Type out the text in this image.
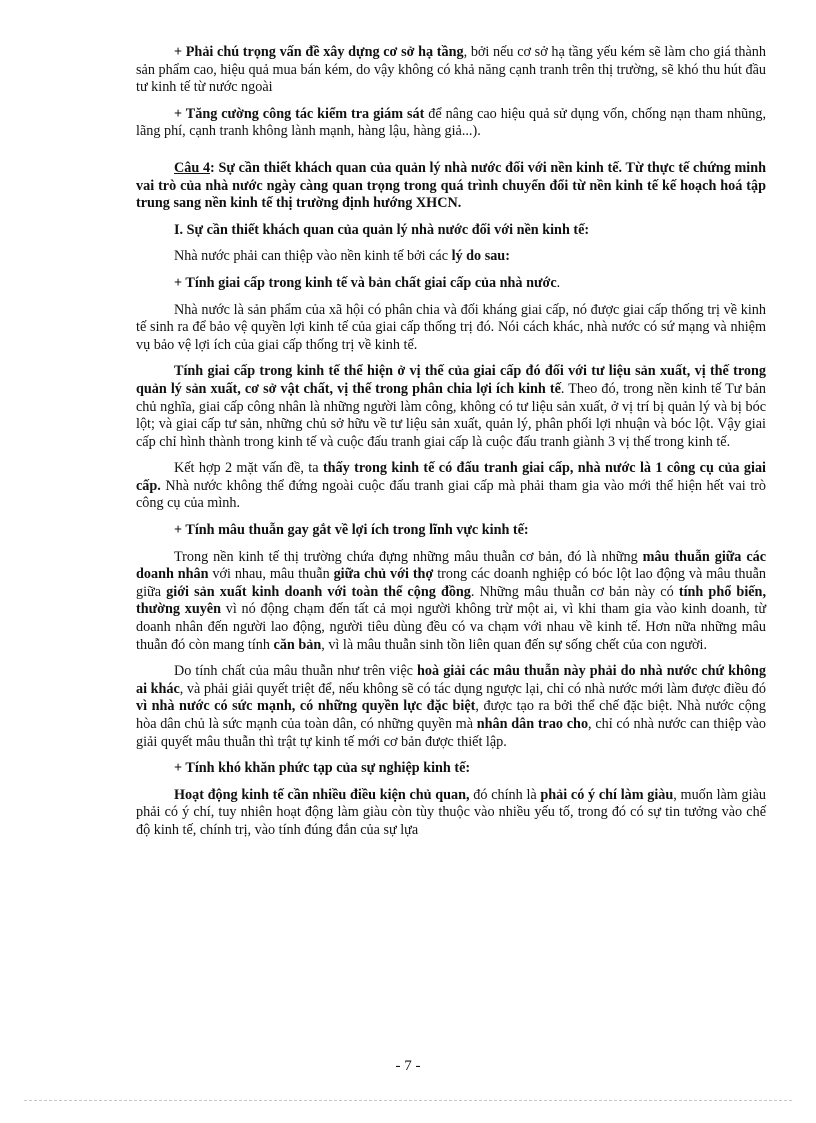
+ Phải chú trọng vấn đề xây dựng cơ sở hạ tầng, bởi nếu cơ sở hạ tầng yếu kém sẽ làm cho giá thành sản phẩm cao, hiệu quả mua bán kém, do vậy không có khả năng cạnh tranh trên thị trường, sẽ khó thu hút đầu tư kinh tế từ nước ngoài

+ Tăng cường công tác kiểm tra giám sát để nâng cao hiệu quả sử dụng vốn, chống nạn tham nhũng, lãng phí, cạnh tranh không lành mạnh, hàng lậu, hàng giả...).

Câu 4: Sự cần thiết khách quan của quản lý nhà nước đối với nền kinh tế. Từ thực tế chứng minh vai trò của nhà nước ngày càng quan trọng trong quá trình chuyển đổi từ nền kinh tế kế hoạch hoá tập trung sang nền kinh tế thị trường định hướng XHCN.

I. Sự cần thiết khách quan của quản lý nhà nước đối với nền kinh tế:

Nhà nước phải can thiệp vào nền kinh tế bởi các lý do sau:

+ Tính giai cấp trong kinh tế và bản chất giai cấp của nhà nước.

Nhà nước là sản phẩm của xã hội có phân chia và đối kháng giai cấp, nó được giai cấp thống trị về kinh tế sinh ra để bảo vệ quyền lợi kinh tế của giai cấp thống trị đó. Nói cách khác, nhà nước có sứ mạng và nhiệm vụ bảo vệ lợi ích của giai cấp thống trị về kinh tế.

Tính giai cấp trong kinh tế thể hiện ở vị thế của giai cấp đó đối với tư liệu sản xuất, vị thế trong quản lý sản xuất, cơ sở vật chất, vị thế trong phân chia lợi ích kinh tế. Theo đó, trong nền kinh tế Tư bản chủ nghĩa, giai cấp công nhân là những người làm công, không có tư liệu sản xuất, ở vị trí bị quản lý và bị bóc lột; và giai cấp tư sản, những chủ sở hữu về tư liệu sản xuất, quản lý, phân phối lợi nhuận và bóc lột. Vậy giai cấp chỉ hình thành trong kinh tế và cuộc đấu tranh giai cấp là cuộc đấu tranh giành 3 vị thế trong kinh tế.

Kết hợp 2 mặt vấn đề, ta thấy trong kinh tế có đấu tranh giai cấp, nhà nước là 1 công cụ của giai cấp. Nhà nước không thể đứng ngoài cuộc đấu tranh giai cấp mà phải tham gia vào mới thể hiện hết vai trò công cụ của mình.

+ Tính mâu thuẫn gay gắt về lợi ích trong lĩnh vực kinh tế:

Trong nền kinh tế thị trường chứa đựng những mâu thuẫn cơ bản, đó là những mâu thuẫn giữa các doanh nhân với nhau, mâu thuẫn giữa chủ với thợ trong các doanh nghiệp có bóc lột lao động và mâu thuẫn giữa giới sản xuất kinh doanh với toàn thể cộng đồng. Những mâu thuẫn cơ bản này có tính phổ biến, thường xuyên vì nó động chạm đến tất cả mọi người không trừ một ai, vì khi tham gia vào kinh doanh, từ doanh nhân đến người lao động, người tiêu dùng đều có va chạm với nhau về kinh tế. Hơn nữa những mâu thuẫn đó còn mang tính căn bản, vì là mâu thuẫn sinh tồn liên quan đến sự sống chết của con người.

Do tính chất của mâu thuẫn như trên việc hoà giải các mâu thuẫn này phải do nhà nước chứ không ai khác, và phải giải quyết triệt để, nếu không sẽ có tác dụng ngược lại, chỉ có nhà nước mới làm được điều đó vì nhà nước có sức mạnh, có những quyền lực đặc biệt, được tạo ra bởi thể chế đặc biệt. Nhà nước cộng hòa dân chủ là sức mạnh của toàn dân, có những quyền mà nhân dân trao cho, chỉ có nhà nước can thiệp vào giải quyết mâu thuẫn thì trật tự kinh tế mới cơ bản được thiết lập.

+ Tính khó khăn phức tạp của sự nghiệp kinh tế:

Hoạt động kinh tế cần nhiều điều kiện chủ quan, đó chính là phải có ý chí làm giàu, muốn làm giàu phải có ý chí, tuy nhiên hoạt động làm giàu còn tùy thuộc vào nhiều yếu tố, trong đó có sự tin tưởng vào chế độ kinh tế, chính trị, vào tính đúng đắn của sự lựa

- 7 -
